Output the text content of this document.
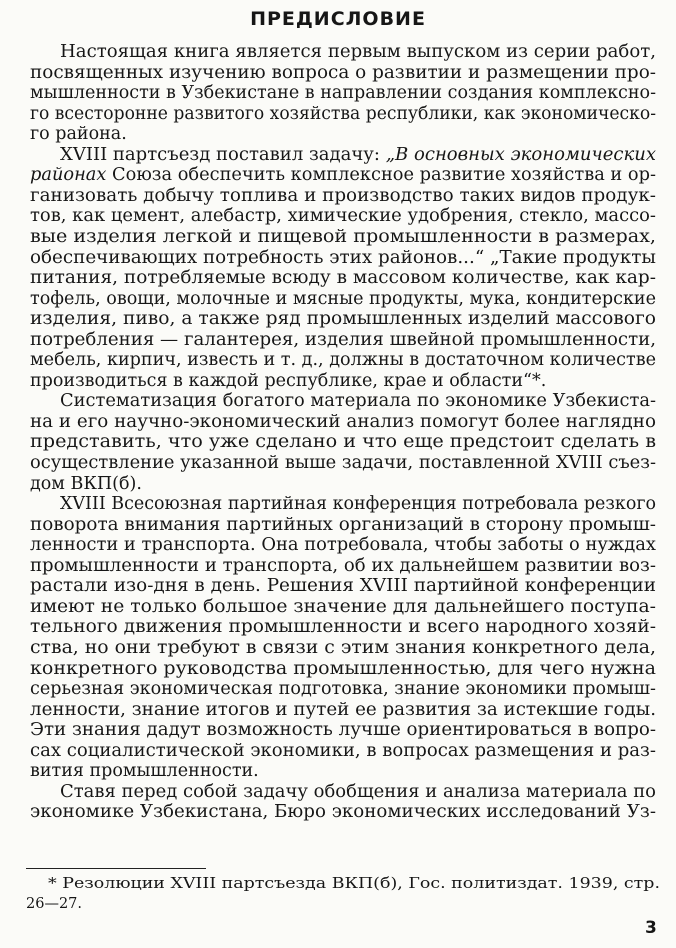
ПРЕДИСЛОВИЕ
Настоящая книга является первым выпуском из серии работ,
посвященных изучению вопроса о развитии и размещении про-
мышленности в Узбекистане в направлении создания комплексно-
го всесторонне развитого хозяйства республики, как экономическо-
го района.
XVIII партсъезд поставил задачу: „В основных экономических
районах Союза обеспечить комплексное развитие хозяйства и ор-
ганизовать добычу топлива и производство таких видов продук-
тов, как цемент, алебастр, химические удобрения, стекло, массо-
вые изделия легкой и пищевой промышленности в размерах,
обеспечивающих потребность этих районов...“ „Такие продукты
питания, потребляемые всюду в массовом количестве, как кар-
тофель, овощи, молочные и мясные продукты, мука, кондитерские
изделия, пиво, а также ряд промышленных изделий массового
потребления — галантерея, изделия швейной промышленности,
мебель, кирпич, известь и т. д., должны в достаточном количестве
производиться в каждой республике, крае и области“*.
Систематизация богатого материала по экономике Узбекиста-
на и его научно-экономический анализ помогут более наглядно
представить, что уже сделано и что еще предстоит сделать в
осуществление указанной выше задачи, поставленной XVIII съез-
дом ВКП(б).
XVIII Всесоюзная партийная конференция потребовала резкого
поворота внимания партийных организаций в сторону промыш-
ленности и транспорта. Она потребовала, чтобы заботы о нуждах
промышленности и транспорта, об их дальнейшем развитии воз-
растали изо-дня в день. Решения XVIII партийной конференции
имеют не только большое значение для дальнейшего поступа-
тельного движения промышленности и всего народного хозяй-
ства, но они требуют в связи с этим знания конкретного дела,
конкретного руководства промышленностью, для чего нужна
серьезная экономическая подготовка, знание экономики промыш-
ленности, знание итогов и путей ее развития за истекшие годы.
Эти знания дадут возможность лучше ориентироваться в вопро-
сах социалистической экономики, в вопросах размещения и раз-
вития промышленности.
Ставя перед собой задачу обобщения и анализа материала по
экономике Узбекистана, Бюро экономических исследований Уз-
* Резолюции XVIII партсъезда ВКП(б), Гос. политиздат. 1939, стр.
26—27.
3
